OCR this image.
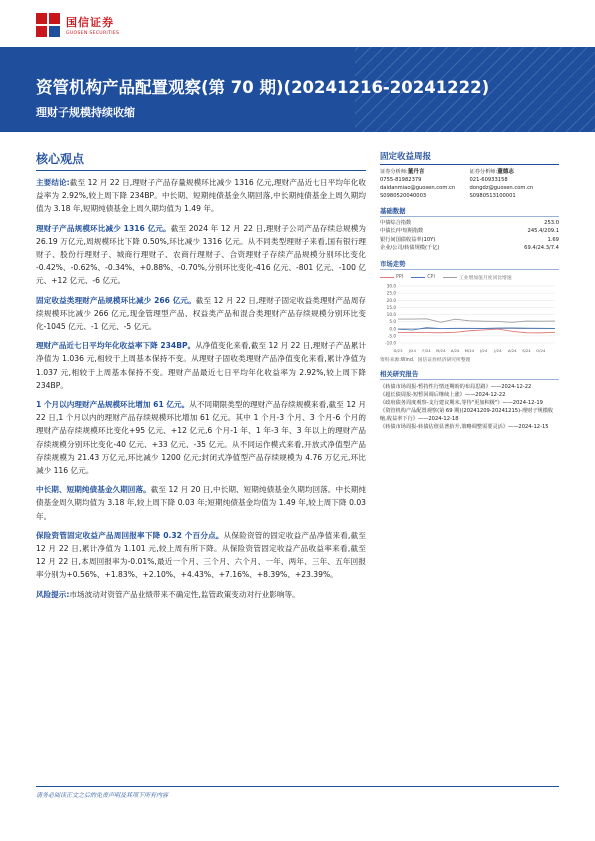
国信证券
GUOSEN SECURITIES
资管机构产品配置观察(第 70 期)(20241216-20241222)
理财子规模持续收缩
核心观点

主要结论:截至 12 月 22 日,理财子产品存量规模环比减少 1316 亿元,理财产品近七日平均年化收益率为 2.92%,较上周下降 234BP。中长期、短期纯债基金久期回落,中长期纯债基金上周久期均值为 3.18 年,短期纯债基金上周久期均值为 1.49 年。

理财子产品规模环比减少 1316 亿元。截至 2024 年 12 月 22 日,理财子公司产品存续总规模为 26.19 万亿元,周规模环比下降 0.50%,环比减少 1316 亿元。从不同类型理财子来看,国有银行理财子、股份行理财子、城商行理财子、农商行理财子、合资理财子存续产品规模分别环比变化 -0.42%、-0.62%、-0.34%、+0.88%、-0.70%,分别环比变化-416 亿元、-801 亿元、-100 亿元、+12 亿元、-6 亿元。

固定收益类理财产品规模环比减少 266 亿元。截至 12 月 22 日,理财子固定收益类理财产品周存续规模环比减少 266 亿元,现金管理型产品、权益类产品和混合类理财产品存续规模分别环比变化-1045 亿元、-1 亿元、-5 亿元。

理财产品近七日平均年化收益率下降 234BP。从净值变化来看,截至 12 月 22 日,理财子产品累计净值为 1.036 元,相较于上周基本保持不变。从理财子固收类理财产品净值变化来看,累计净值为 1.037 元,相较于上周基本保持不变。理财产品最近七日平均年化收益率为 2.92%,较上周下降 234BP。

1 个月以内理财产品规模环比增加 61 亿元。从不同期限类型的理财产品存续规模来看,截至 12 月 22 日,1 个月以内的理财产品存续规模环比增加 61 亿元。其中 1 个月-3 个月、3 个月-6 个月的理财产品存续规模环比变化+95 亿元、+12 亿元,6 个月-1 年、1 年-3 年、3 年以上的理财产品存续规模分别环比变化-40 亿元、+33 亿元、-35 亿元。从不同运作模式来看,开放式净值型产品存续规模为 21.43 万亿元,环比减少 1200 亿元;封闭式净值型产品存续规模为 4.76 万亿元,环比减少 116 亿元。

中长期、短期纯债基金久期回落。截至 12 月 20 日,中长期、短期纯债基金久期均回落。中长期纯债基金周久期均值为 3.18 年,较上周下降 0.03 年;短期纯债基金均值为 1.49 年,较上周下降 0.03 年。

保险资管固定收益产品周回报率下降 0.32 个百分点。从保险资管的固定收益产品净值来看,截至 12 月 22 日,累计净值为 1.101 元,较上周有所下降。从保险资管固定收益产品收益率来看,截至 12 月 22 日,本周回报率为-0.01%,最近一个月、三个月、六个月、一年、两年、三年、五年回报率分别为+0.56%、+1.83%、+2.10%、+4.43%、+7.16%、+8.39%、+23.39%。

风险提示:市场波动对资管产品业绩带来不确定性,监管政策变动对行业影响等。

固定收益周报
证券分析师:董丹言
0755-81982379
daidanmiao@guosen.com.cn
S0980520040003
证券分析师:董德志
021-60933158
dongdz@guosen.com.cn
S0980513100001
基础数据
中债综合指数	253.0
中债长/中短期指数	245.4/209.1
银行间国债收益率(10Y)	1.69
企业/公司/转债规模(千亿)	69.4/24.3/7.4
市场走势
PPI	CPI	工业增加值月度同比增速
30.0
25.0
20.0
15.0
10.0
5.0
0.0
-5.0
-10.0
D/23 J/24 F/24 M/24 A/24 M/24 J/24 J/24 A/24 S/24 O/24
资料来源:Wind、国信证券经济研究所整理
相关研究报告
《转债市场周报-暂持性行情还期盼的布局思路》——2024-12-22
《超长债周报-短暂回调后继续上涨》——2024-12-22
《政府债务周度观察-支行建议期末,等待"更加积极"》——2024-12-19
《资管机构产品配置观察(第 69 期)(20241209-20241215)-理财子规模收缩,收益率下行》——2024-12-18
《转债市场周报-转债估值显著抬升,策略调整需要灵活》——2024-12-15
请务必阅读正文之后的免责声明及其项下所有内容
